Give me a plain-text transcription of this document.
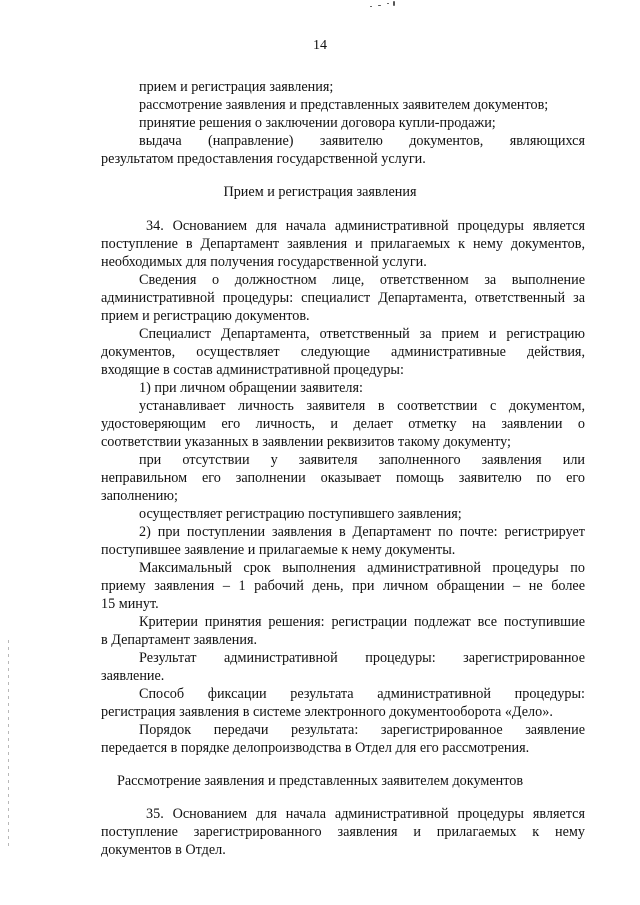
14
прием и регистрация заявления;
рассмотрение заявления и представленных заявителем документов;
принятие решения о заключении договора купли-продажи;
выдача (направление) заявителю документов, являющихся
результатом предоставления государственной услуги.
Прием и регистрация заявления
34. Основанием для начала административной процедуры является
поступление в Департамент заявления и прилагаемых к нему документов,
необходимых для получения государственной услуги.
Сведения о должностном лице, ответственном за выполнение
административной процедуры: специалист Департамента, ответственный за
прием и регистрацию документов.
Специалист Департамента, ответственный за прием и регистрацию
документов, осуществляет следующие административные действия,
входящие в состав административной процедуры:
1) при личном обращении заявителя:
устанавливает личность заявителя в соответствии с документом,
удостоверяющим его личность, и делает отметку на заявлении о
соответствии указанных в заявлении реквизитов такому документу;
при отсутствии у заявителя заполненного заявления или
неправильном его заполнении оказывает помощь заявителю по его
заполнению;
осуществляет регистрацию поступившего заявления;
2) при поступлении заявления в Департамент по почте: регистрирует
поступившее заявление и прилагаемые к нему документы.
Максимальный срок выполнения административной процедуры по
приему заявления – 1 рабочий день, при личном обращении – не более
15 минут.
Критерии принятия решения: регистрации подлежат все поступившие
в Департамент заявления.
Результат административной процедуры: зарегистрированное
заявление.
Способ фиксации результата административной процедуры:
регистрация заявления в системе электронного документооборота «Дело».
Порядок передачи результата: зарегистрированное заявление
передается в порядке делопроизводства в Отдел для его рассмотрения.
Рассмотрение заявления и представленных заявителем документов
35. Основанием для начала административной процедуры является
поступление зарегистрированного заявления и прилагаемых к нему
документов в Отдел.
